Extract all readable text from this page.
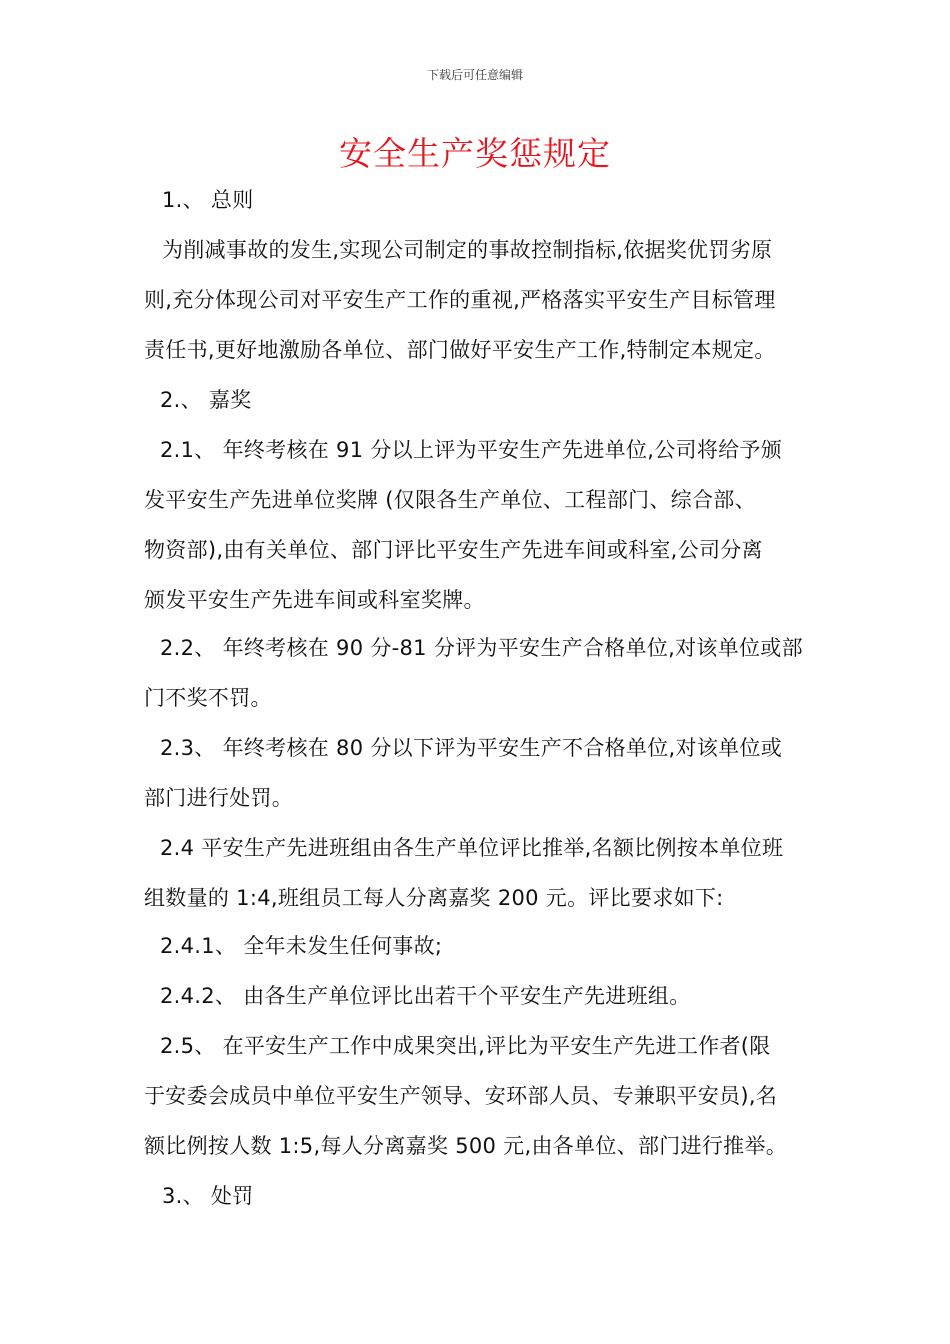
下载后可任意编辑
安全生产奖惩规定
1.、 总则
为削减事故的发生,实现公司制定的事故控制指标,依据奖优罚劣原
则,充分体现公司对平安生产工作的重视,严格落实平安生产目标管理
责任书,更好地激励各单位、部门做好平安生产工作,特制定本规定。
2.、 嘉奖
2.1、 年终考核在 91 分以上评为平安生产先进单位,公司将给予颁
发平安生产先进单位奖牌 (仅限各生产单位、工程部门、综合部、
物资部),由有关单位、部门评比平安生产先进车间或科室,公司分离
颁发平安生产先进车间或科室奖牌。
2.2、 年终考核在 90 分-81 分评为平安生产合格单位,对该单位或部
门不奖不罚。
2.3、 年终考核在 80 分以下评为平安生产不合格单位,对该单位或
部门进行处罚。
2.4 平安生产先进班组由各生产单位评比推举,名额比例按本单位班
组数量的 1:4,班组员工每人分离嘉奖 200 元。评比要求如下:
2.4.1、 全年未发生任何事故;
2.4.2、 由各生产单位评比出若干个平安生产先进班组。
2.5、 在平安生产工作中成果突出,评比为平安生产先进工作者(限
于安委会成员中单位平安生产领导、安环部人员、专兼职平安员),名
额比例按人数 1:5,每人分离嘉奖 500 元,由各单位、部门进行推举。
3.、 处罚
